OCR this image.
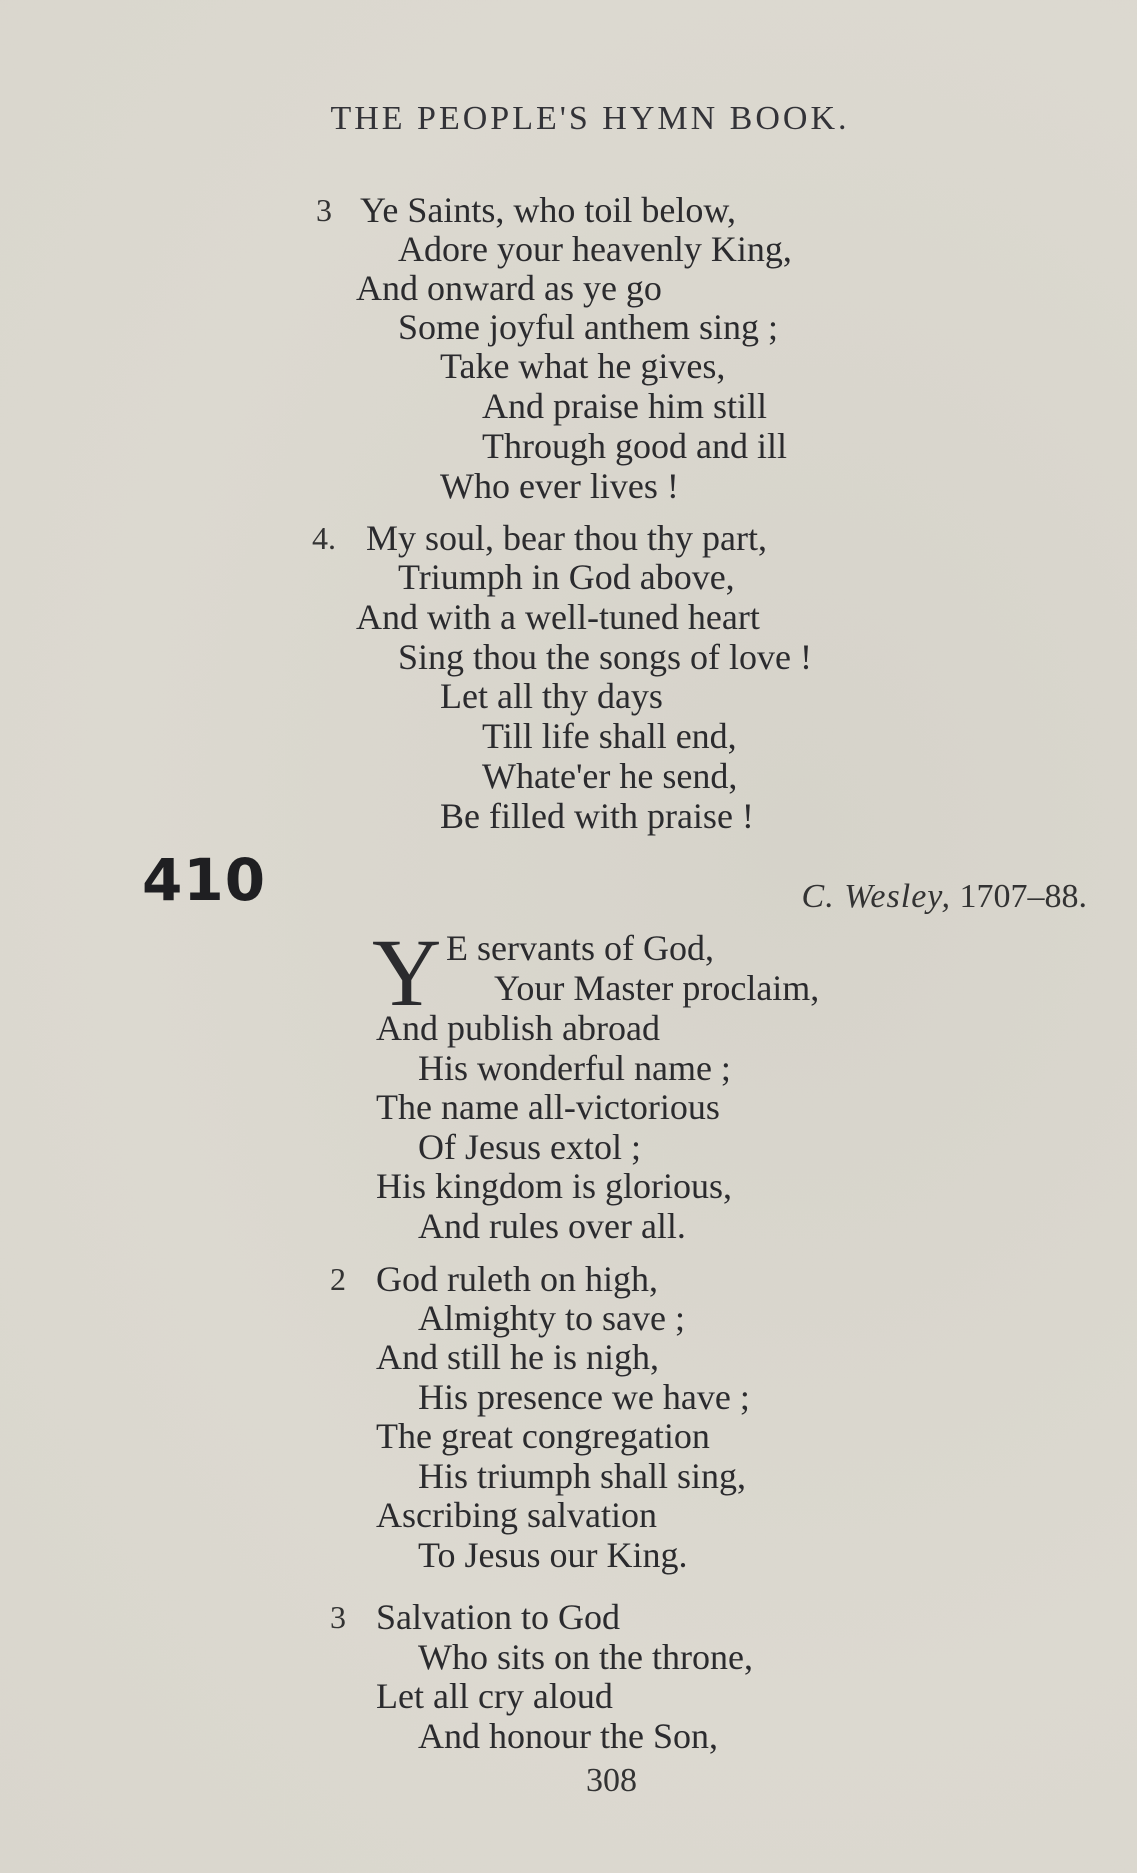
THE PEOPLE'S HYMN BOOK.
3 Ye Saints, who toil below,
Adore your heavenly King,
And onward as ye go
Some joyful anthem sing ;
Take what he gives,
And praise him still
Through good and ill
Who ever lives !
4. My soul, bear thou thy part,
Triumph in God above,
And with a well-tuned heart
Sing thou the songs of love !
Let all thy days
Till life shall end,
Whate'er he send,
Be filled with praise !
410	C. Wesley, 1707–88.
Y E servants of God,
Your Master proclaim,
And publish abroad
His wonderful name ;
The name all-victorious
Of Jesus extol ;
His kingdom is glorious,
And rules over all.
2 God ruleth on high,
Almighty to save ;
And still he is nigh,
His presence we have ;
The great congregation
His triumph shall sing,
Ascribing salvation
To Jesus our King.
3 Salvation to God
Who sits on the throne,
Let all cry aloud
And honour the Son,
308
